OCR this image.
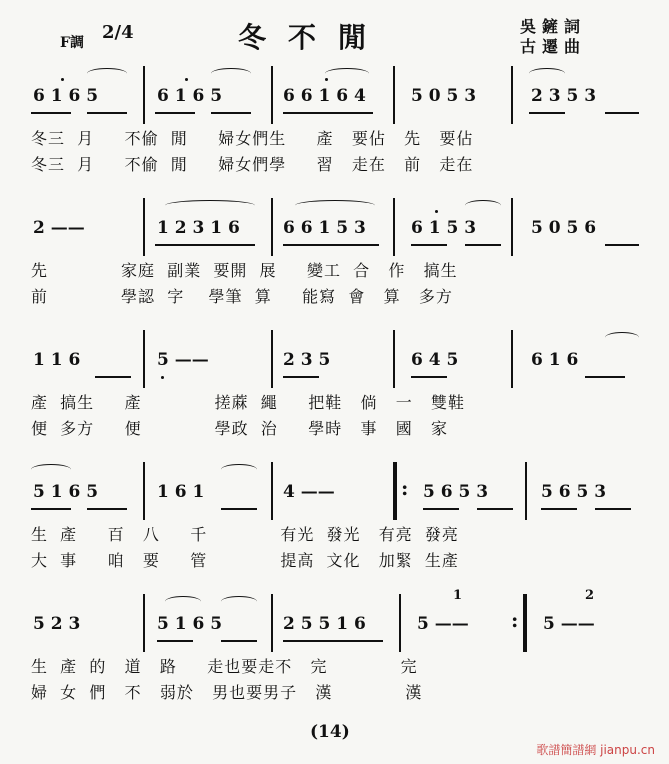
F調 2/4	冬不閒	吳鏟詞
古遷曲
6 1 6 5	6 1 6 5	6 6 1 6 4	5 0 5 3	2 3 5 3
冬三  月     不偷  閒     婦女們生     產   要佔   先   要佔
冬三  月     不偷  閒     婦女們學     習   走在   前   走在
2 ——	1 2 3 1 6	6 6 1 5 3	6 1 5 3	5 0 5 6
先            家庭  副業  要開  展     變工  合   作   搞生
前            學認  字    學筆  算     能寫  會   算   多方
1 1 6	5 ——	2 3 5	6 4 5	6 1 6
產  搞生     產            搓蔴  繩     把鞋   倘   一   雙鞋
便  多方     便            學政  治     學時   事   國   家
5 1 6 5	1 6 1	4 ——	: 5 6 5 3	5 6 5 3
生  產     百   八     千            有光  發光   有亮  發亮
大  事     咱   要     管            提高  文化   加緊  生產
5 2 3	5 1 6 5	2 5 5 1 6	5 —— : 5 ——
1	2
生  產  的   道   路     走也要走不   完            完
婦  女  們   不   弱於   男也要男子   漢            漢
(14)
歌譜簡譜網 jianpu.cn
